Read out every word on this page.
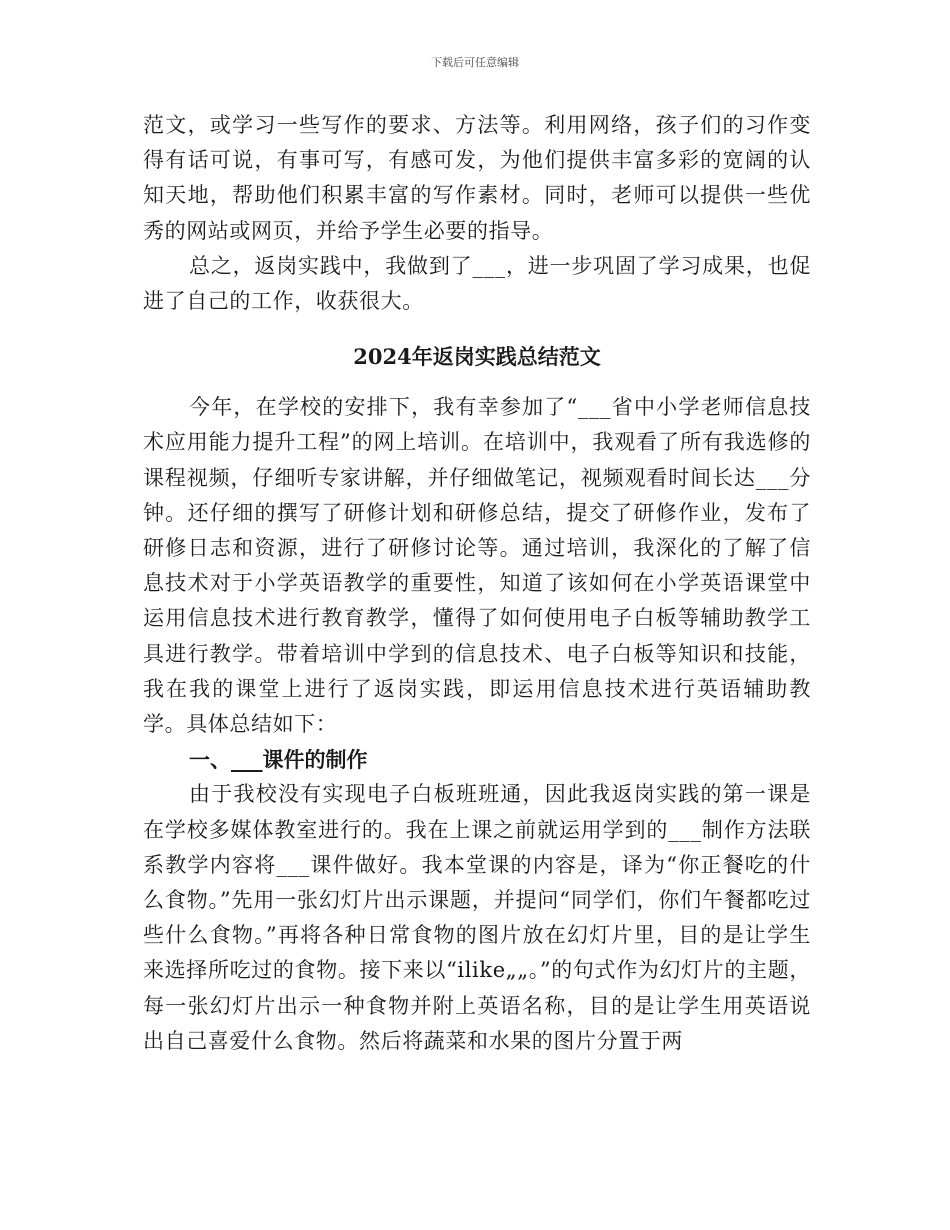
下载后可任意编辑

范文，或学习一些写作的要求、方法等。利用网络，孩子们的习作变得有话可说，有事可写，有感可发，为他们提供丰富多彩的宽阔的认知天地，帮助他们积累丰富的写作素材。同时，老师可以提供一些优秀的网站或网页，并给予学生必要的指导。

总之，返岗实践中，我做到了___，进一步巩固了学习成果，也促进了自己的工作，收获很大。

2024年返岗实践总结范文

今年，在学校的安排下，我有幸参加了“___省中小学老师信息技术应用能力提升工程”的网上培训。在培训中，我观看了所有我选修的课程视频，仔细听专家讲解，并仔细做笔记，视频观看时间长达___分钟。还仔细的撰写了研修计划和研修总结，提交了研修作业，发布了研修日志和资源，进行了研修讨论等。通过培训，我深化的了解了信息技术对于小学英语教学的重要性，知道了该如何在小学英语课堂中运用信息技术进行教育教学，懂得了如何使用电子白板等辅助教学工具进行教学。带着培训中学到的信息技术、电子白板等知识和技能，我在我的课堂上进行了返岗实践，即运用信息技术进行英语辅助教学。具体总结如下：

一、___课件的制作

由于我校没有实现电子白板班班通，因此我返岗实践的第一课是在学校多媒体教室进行的。我在上课之前就运用学到的___制作方法联系教学内容将___课件做好。我本堂课的内容是，译为“你正餐吃的什么食物。”先用一张幻灯片出示课题，并提问“同学们，你们午餐都吃过些什么食物。”再将各种日常食物的图片放在幻灯片里，目的是让学生来选择所吃过的食物。接下来以“ilike„„。”的句式作为幻灯片的主题，每一张幻灯片出示一种食物并附上英语名称，目的是让学生用英语说出自己喜爱什么食物。然后将蔬菜和水果的图片分置于两
